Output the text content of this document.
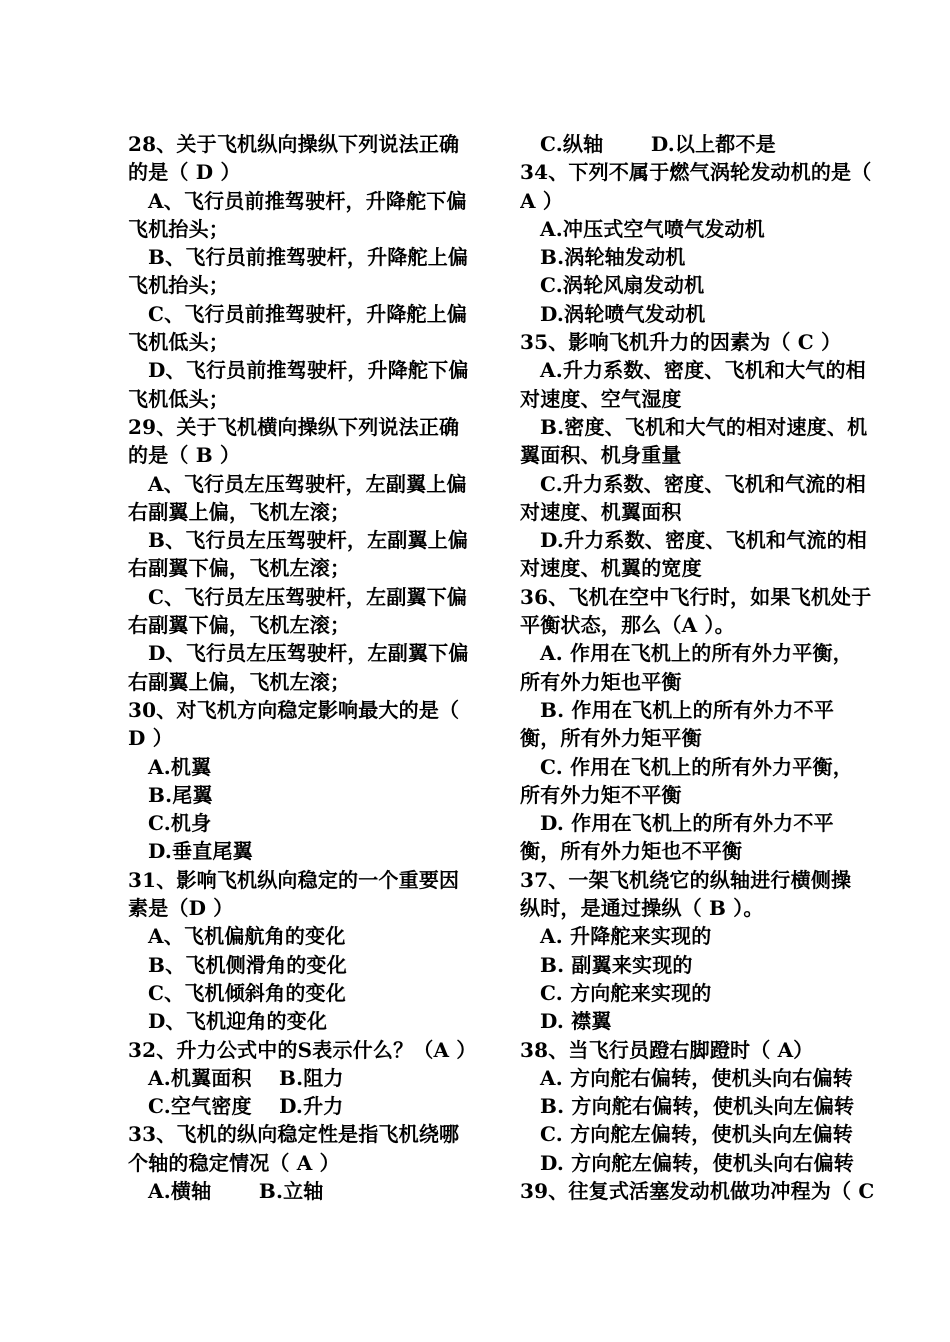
28、关于飞机纵向操纵下列说法正确
的是（ D ）
A、飞行员前推驾驶杆，升降舵下偏
飞机抬头；
B、飞行员前推驾驶杆，升降舵上偏
飞机抬头；
C、飞行员前推驾驶杆，升降舵上偏
飞机低头；
D、飞行员前推驾驶杆，升降舵下偏
飞机低头；
29、关于飞机横向操纵下列说法正确
的是（ B ）
A、飞行员左压驾驶杆，左副翼上偏
右副翼上偏，飞机左滚；
B、飞行员左压驾驶杆，左副翼上偏
右副翼下偏，飞机左滚；
C、飞行员左压驾驶杆，左副翼下偏
右副翼下偏，飞机左滚；
D、飞行员左压驾驶杆，左副翼下偏
右副翼上偏，飞机左滚；
30、对飞机方向稳定影响最大的是（
D ）
A.机翼
B.尾翼
C.机身
D.垂直尾翼
31、影响飞机纵向稳定的一个重要因
素是（D ）
A、飞机偏航角的变化
B、飞机侧滑角的变化
C、飞机倾斜角的变化
D、飞机迎角的变化
32、升力公式中的S表示什么？（A ）
A.机翼面积　 B.阻力
C.空气密度　 D.升力
33、飞机的纵向稳定性是指飞机绕哪
个轴的稳定情况（ A ）
A.横轴　　 B.立轴
C.纵轴　　 D.以上都不是
34、下列不属于燃气涡轮发动机的是（
A ）
A.冲压式空气喷气发动机
B.涡轮轴发动机
C.涡轮风扇发动机
D.涡轮喷气发动机
35、影响飞机升力的因素为（ C ）
A.升力系数、密度、飞机和大气的相
对速度、空气湿度
B.密度、飞机和大气的相对速度、机
翼面积、机身重量
C.升力系数、密度、飞机和气流的相
对速度、机翼面积
D.升力系数、密度、飞机和气流的相
对速度、机翼的宽度
36、飞机在空中飞行时，如果飞机处于
平衡状态，那么（A ）。
A. 作用在飞机上的所有外力平衡，
所有外力矩也平衡
B. 作用在飞机上的所有外力不平
衡，所有外力矩平衡
C. 作用在飞机上的所有外力平衡，
所有外力矩不平衡
D. 作用在飞机上的所有外力不平
衡，所有外力矩也不平衡
37、一架飞机绕它的纵轴进行横侧操
纵时，是通过操纵（ B ）。
A. 升降舵来实现的
B. 副翼来实现的
C. 方向舵来实现的
D. 襟翼
38、当飞行员蹬右脚蹬时（ A）
A. 方向舵右偏转，使机头向右偏转
B. 方向舵右偏转，使机头向左偏转
C. 方向舵左偏转，使机头向左偏转
D. 方向舵左偏转，使机头向右偏转
39、往复式活塞发动机做功冲程为（ C
